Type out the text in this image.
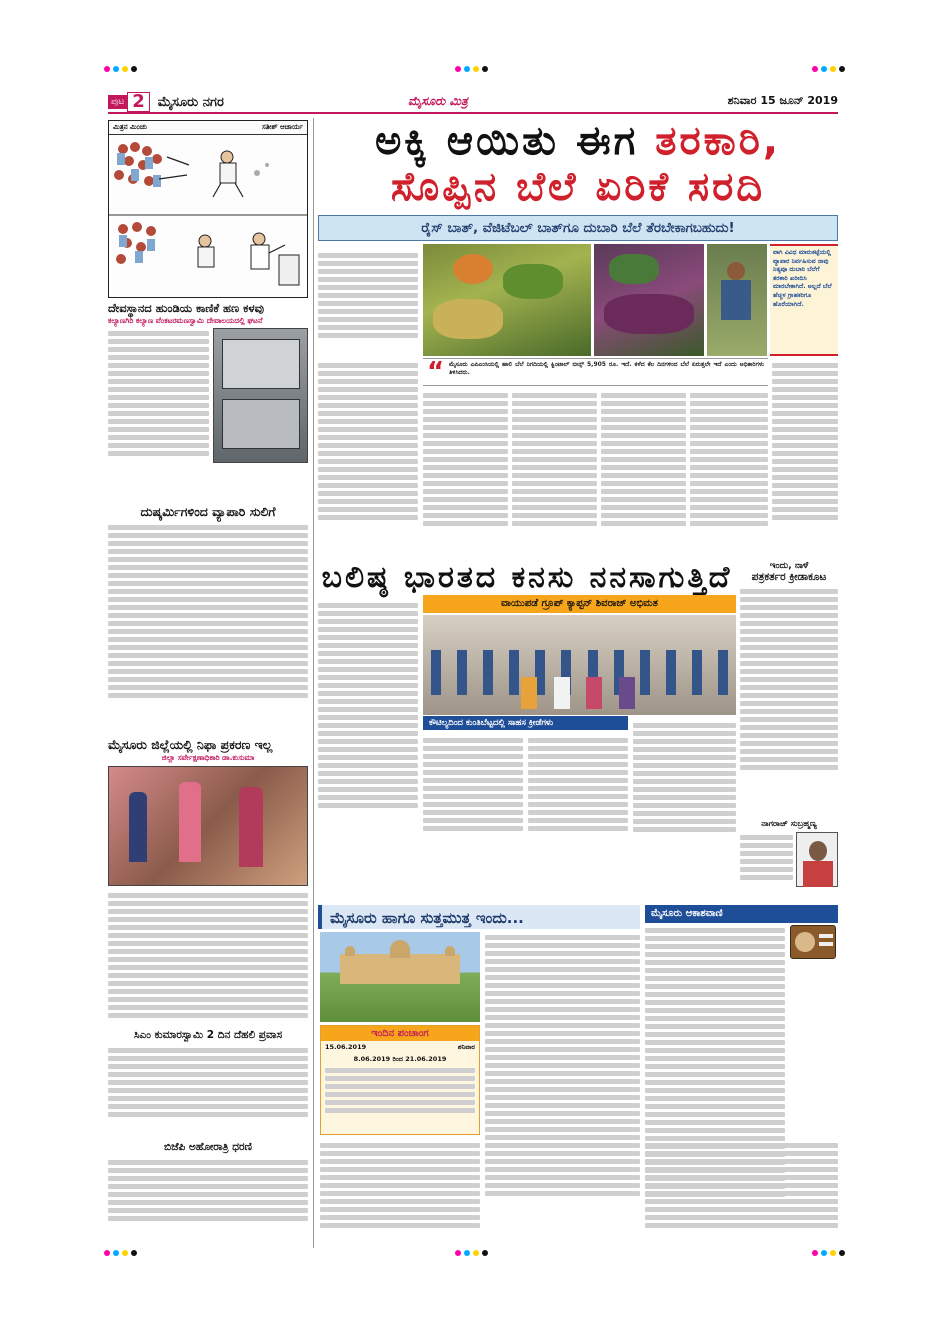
ಪುಟ 2	ಮೈಸೂರು ನಗರ	ಮೈಸೂರು ಮಿತ್ರ	ಶನಿವಾರ 15 ಜೂನ್ 2019
ಮಿತ್ರನ ಮಿಂಚು	ಸತೀಶ್ ಆಚಾರ್ಯ
ದೇವಸ್ಥಾನದ ಹುಂಡಿಯ ಕಾಣಿಕೆ ಹಣ ಕಳವು
ಕಲ್ಯಾಣಗಿರಿ ಕಲ್ಯಾಣ ವೆಂಕಟರಮಣಸ್ವಾಮಿ ದೇವಾಲಯದಲ್ಲಿ ಘಟನೆ
ದುಷ್ಕರ್ಮಿಗಳಿಂದ ವ್ಯಾಪಾರಿ ಸುಲಿಗೆ
ಮೈಸೂರು ಜಿಲ್ಲೆಯಲ್ಲಿ ನಿಫಾ ಪ್ರಕರಣ ಇಲ್ಲ
ಜಿಲ್ಲಾ ಸರ್ವೇಕ್ಷಣಾಧಿಕಾರಿ ಡಾ.ಕುಸುಮಾ
ಸಿಎಂ ಕುಮಾರಸ್ವಾಮಿ 2 ದಿನ ದೆಹಲಿ ಪ್ರವಾಸ
ಬಿಜೆಪಿ ಅಹೋರಾತ್ರಿ ಧರಣಿ
ಅಕ್ಕಿ ಆಯಿತು ಈಗ ತರಕಾರಿ,
ಸೊಪ್ಪಿನ ಬೆಲೆ ಏರಿಕೆ ಸರದಿ
ರೈಸ್ ಬಾತ್, ವೆಜಿಟೆಬಲ್ ಬಾತ್‌ಗೂ ದುಬಾರಿ ಬೆಲೆ ತೆರಬೇಕಾಗಬಹುದು!
ವಾಗಿ ವಿವಿಧ ಮಾರುಕಟ್ಟೆಯಲ್ಲಿ ವ್ಯಾಪಾರ ನಿರ್ವಹಿಸುವ ನಾವು ನಿತ್ಯವೂ ದುಬಾರಿ ಬೆಲೆಗೆ ತರಕಾರಿ ಖರೀದಿಸಿ ಮಾರಬೇಕಾಗಿದೆ. ಅಲ್ಲದೆ ಬೆಲೆ ಹೆಚ್ಚಳ ಗ್ರಾಹಕರಿಗೂ ಹೊರೆಯಾಗಿದೆ.
“ ಮೈಸೂರು ಎಪಿಎಂಸಿಯಲ್ಲಿ ಹಾಲಿ ಬೆಲೆ ನಿಗದಿಯಲ್ಲಿ ಕ್ವಿಂಟಾಲ್ ಬೀನ್ಸ್ 5,905 ರೂ. ಇದೆ. ಕಳೆದ ಕೆಲ ದಿನಗಳಿಂದ ಬೆಲೆ ಏರುತ್ತಲೇ ಇದೆ ಎಂದು ಅಧಿಕಾರಿಗಳು ತಿಳಿಸಿದರು.
ಬಲಿಷ್ಠ ಭಾರತದ ಕನಸು ನನಸಾಗುತ್ತಿದೆ
ವಾಯುಪಡೆ ಗ್ರೂಪ್ ಕ್ಯಾಪ್ಟನ್ ಶಿವರಾಜ್ ಅಭಿಮತ
ಕೌಟಿಲ್ಯದಿಂದ ಕುಂತಿಬೆಟ್ಟದಲ್ಲಿ ಸಾಹಸ ಕ್ರೀಡೆಗಳು
ಇಂದು, ನಾಳೆ
ಪತ್ರಕರ್ತರ ಕ್ರೀಡಾಕೂಟ
ನಾಗರಾಜ್ ಸುಬ್ರಹ್ಮಣ್ಯ
ಮೈಸೂರು ಹಾಗೂ ಸುತ್ತಮುತ್ತ ಇಂದು...
ಇಂದಿನ ಪಂಚಾಂಗ
15.06.2019	ಶನಿವಾರ
8.06.2019 ರಿಂದ 21.06.2019
ಮೈಸೂರು ಆಕಾಶವಾಣಿ
